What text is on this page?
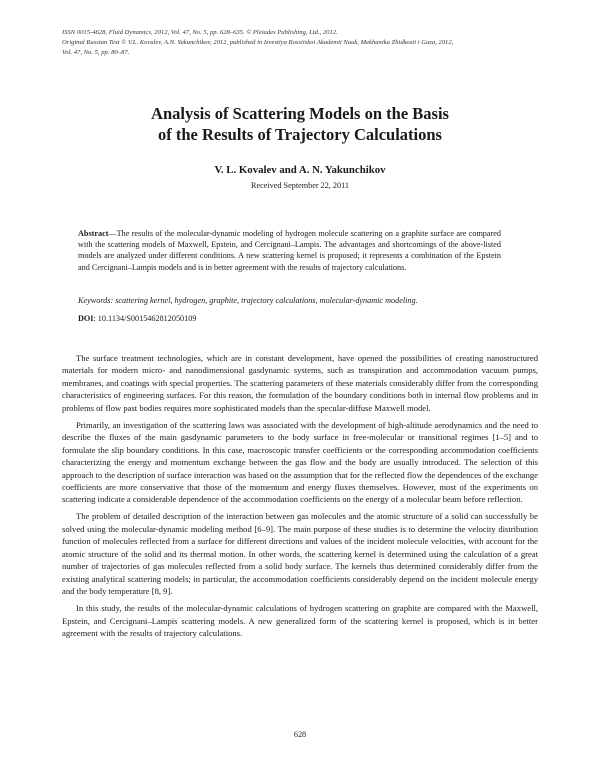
ISSN 0015-4628, Fluid Dynamics, 2012, Vol. 47, No. 5, pp. 628–635. © Pleiades Publishing, Ltd., 2012.
Original Russian Text © V.L. Kovalev, A.N. Yakunchikov, 2012, published in Izvestiya Rossiiskoi Akademii Nauk, Mekhanika Zhidkosti i Gaza, 2012,
Vol. 47, No. 5, pp. 80–87.
Analysis of Scattering Models on the Basis
of the Results of Trajectory Calculations
V. L. Kovalev and A. N. Yakunchikov
Received September 22, 2011
Abstract—The results of the molecular-dynamic modeling of hydrogen molecule scattering on a graphite surface are compared with the scattering models of Maxwell, Epstein, and Cercignani–Lampis. The advantages and shortcomings of the above-listed models are analyzed under different conditions. A new scattering kernel is proposed; it represents a combination of the Epstein and Cercignani–Lampis models and is in better agreement with the results of trajectory calculations.
Keywords: scattering kernel, hydrogen, graphite, trajectory calculations, molecular-dynamic modeling.
DOI: 10.1134/S0015462812050109

The surface treatment technologies, which are in constant development, have opened the possibilities of creating nanostructured materials for modern micro- and nanodimensional gasdynamic systems, such as transpiration and accommodation vacuum pumps, membranes, and coatings with special properties. The scattering parameters of these materials considerably differ from the corresponding characteristics of engineering surfaces. For this reason, the formulation of the boundary conditions both in internal flow problems and in problems of flow past bodies requires more sophisticated models than the specular-diffuse Maxwell model.

Primarily, an investigation of the scattering laws was associated with the development of high-altitude aerodynamics and the need to describe the fluxes of the main gasdynamic parameters to the body surface in free-molecular or transitional regimes [1–5] and to formulate the slip boundary conditions. In this case, macroscopic transfer coefficients or the corresponding accommodation coefficients characterizing the energy and momentum exchange between the gas flow and the body are usually introduced. The selection of this approach to the description of surface interaction was based on the assumption that for the reflected flow the dependences of the exchange coefficients are more conservative that those of the momentum and energy fluxes themselves. However, most of the experiments on scattering indicate a considerable dependence of the accommodation coefficients on the energy of a molecular beam before reflection.

The problem of detailed description of the interaction between gas molecules and the atomic structure of a solid can successfully be solved using the molecular-dynamic modeling method [6–9]. The main purpose of these studies is to determine the velocity distribution function of molecules reflected from a surface for different directions and values of the incident molecule velocities, with account for the atomic structure of the solid and its thermal motion. In other words, the scattering kernel is determined using the calculation of a great number of trajectories of gas molecules reflected from a solid body surface. The kernels thus determined considerably differ from the existing analytical scattering models; in particular, the accommodation coefficients considerably depend on the incident molecule energy and the body temperature [8, 9].

In this study, the results of the molecular-dynamic calculations of hydrogen scattering on graphite are compared with the Maxwell, Epstein, and Cercignani–Lampis scattering models. A new generalized form of the scattering kernel is proposed, which is in better agreement with the results of trajectory calculations.

628
